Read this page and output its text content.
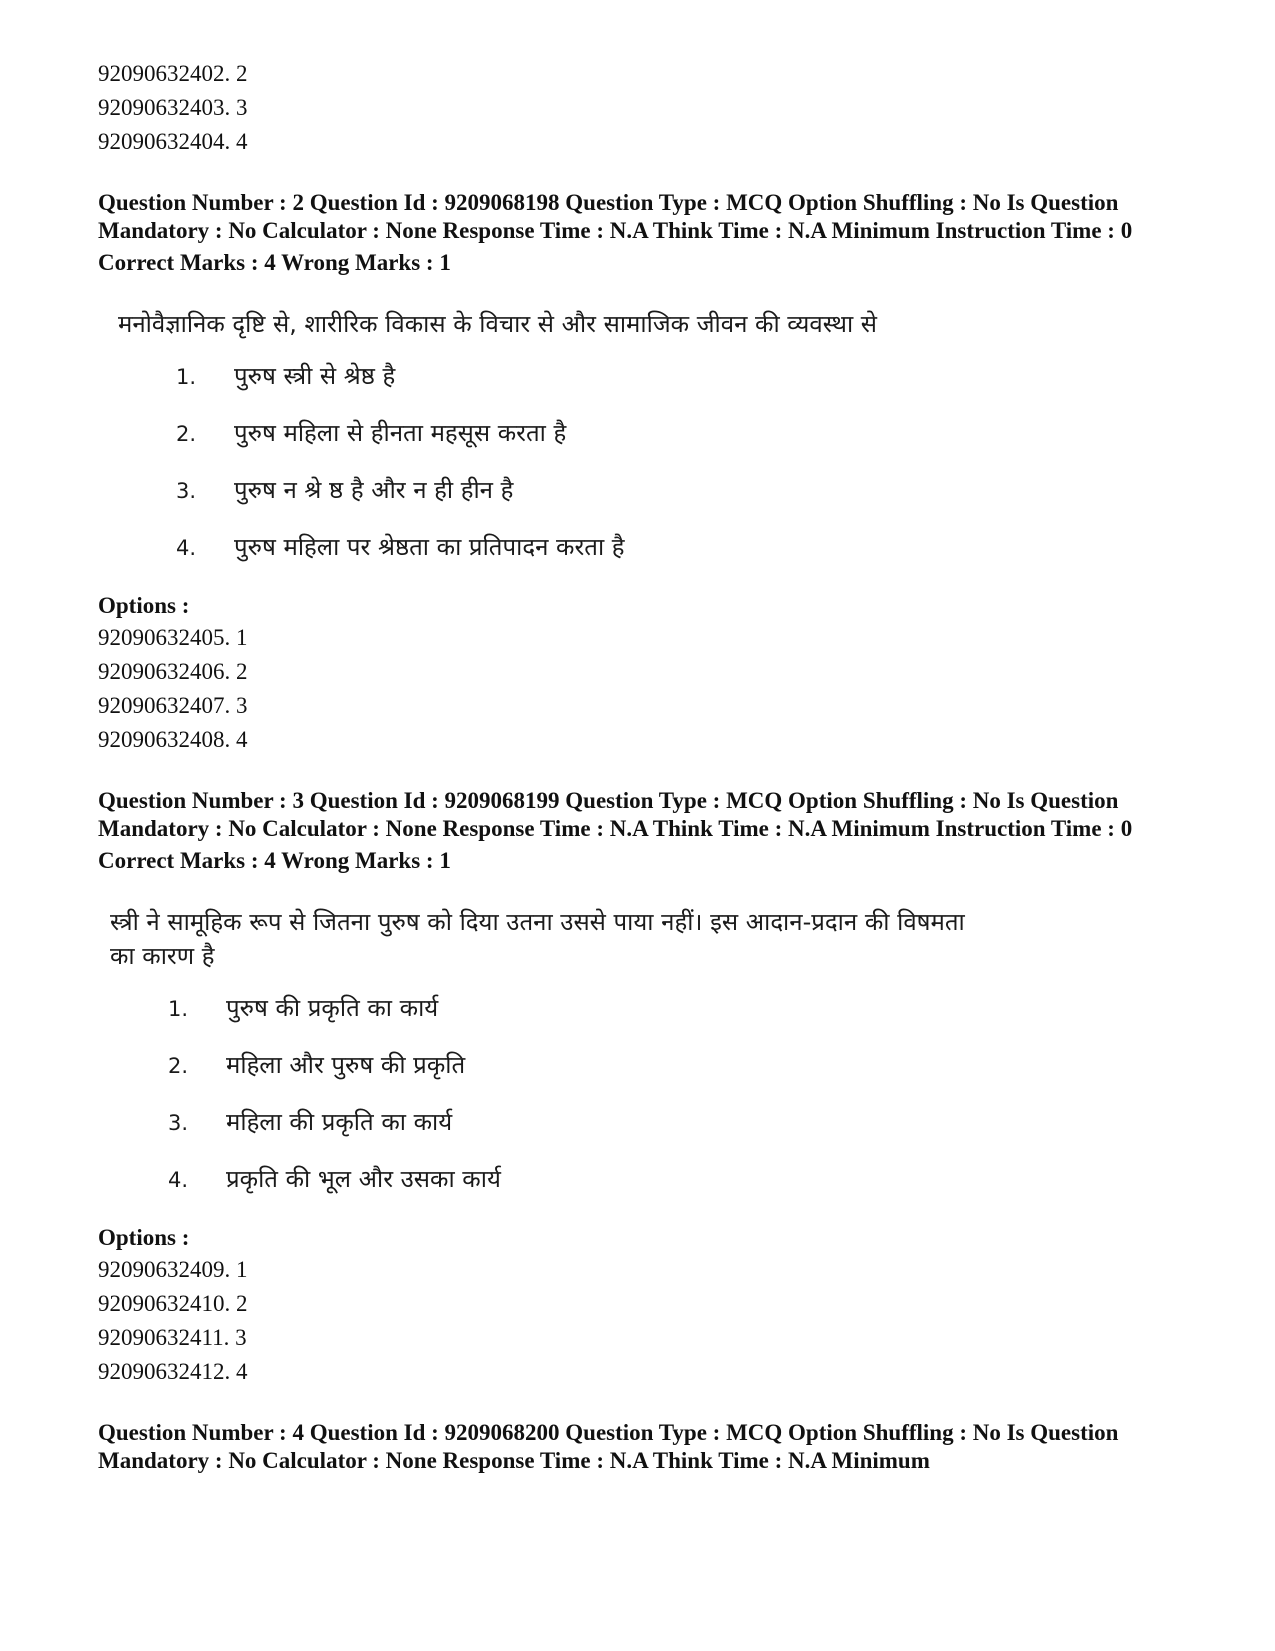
92090632402. 2

92090632403. 3

92090632404. 4

Question Number : 2 Question Id : 9209068198 Question Type : MCQ Option Shuffling : No Is Question Mandatory : No Calculator : None Response Time : N.A Think Time : N.A Minimum Instruction Time : 0

Correct Marks : 4 Wrong Marks : 1

मनोवैज्ञानिक दृष्टि से, शारीरिक विकास के विचार से और सामाजिक जीवन की व्यवस्था से

1.	पुरुष स्त्री से श्रेष्ठ है
2.	पुरुष महिला से हीनता महसूस करता है
3.	पुरुष न श्रे ष्ठ है और न ही हीन है
4.	पुरुष महिला पर श्रेष्ठता का प्रतिपादन करता है

Options :

92090632405. 1

92090632406. 2

92090632407. 3

92090632408. 4

Question Number : 3 Question Id : 9209068199 Question Type : MCQ Option Shuffling : No Is Question Mandatory : No Calculator : None Response Time : N.A Think Time : N.A Minimum Instruction Time : 0

Correct Marks : 4 Wrong Marks : 1

स्त्री ने सामूहिक रूप से जितना पुरुष को दिया उतना उससे पाया नहीं। इस आदान-प्रदान की विषमता का कारण है

1.	पुरुष की प्रकृति का कार्य
2.	महिला और पुरुष की प्रकृति
3.	महिला की प्रकृति का कार्य
4.	प्रकृति की भूल और उसका कार्य

Options :

92090632409. 1

92090632410. 2

92090632411. 3

92090632412. 4

Question Number : 4 Question Id : 9209068200 Question Type : MCQ Option Shuffling : No Is Question Mandatory : No Calculator : None Response Time : N.A Think Time : N.A Minimum
